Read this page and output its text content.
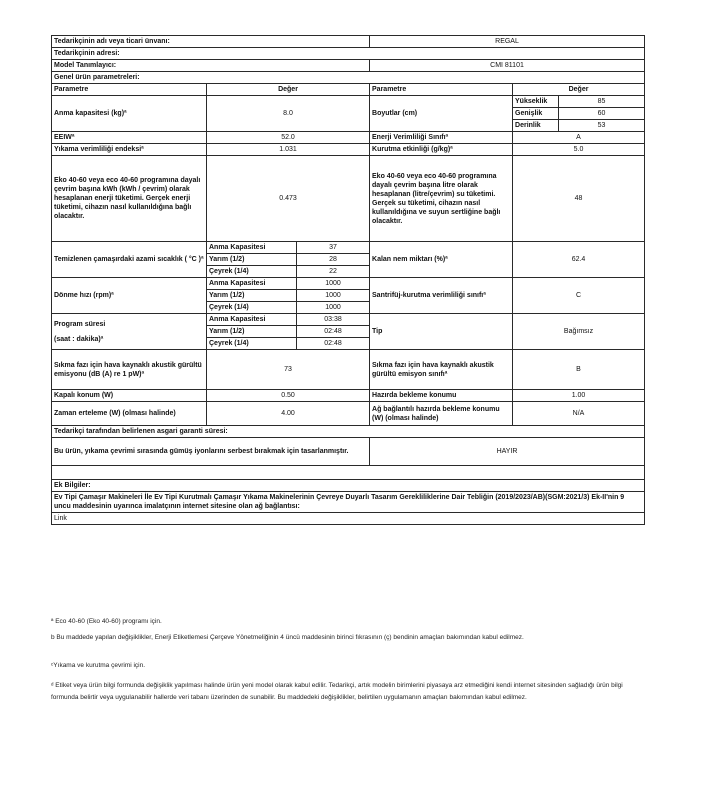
Tedarikçinin adı veya ticari ünvanı:			REGAL		
Tedarikçinin adresi:					
Model Tanımlayıcı:			CMI 81101		
Genel ürün parametreleri:					
Parametre	Değer		Parametre	Değer	
Anma kapasitesi (kg)ª	8.0		Boyutlar (cm)	Yükseklik	85
				Genişlik	60
				Derinlik	53
EEIWª	52.0		Enerji Verimliliği Sınıfıª	A	
Yıkama verimliliği endeksiª	1.031		Kurutma etkinliği (g/kg)ª	5.0	
Eko 40-60 veya eco 40-60 programına dayalı çevrim başına kWh (kWh / çevrim) olarak hesaplanan enerji tüketimi. Gerçek enerji tüketimi, cihazın nasıl kullanıldığına bağlı olacaktır.	0.473		Eko 40-60 veya eco 40-60 programına dayalı çevrim başına litre olarak hesaplanan (litre/çevrim) su tüketimi. Gerçek su tüketimi, cihazın nasıl kullanıldığına ve suyun sertliğine bağlı olacaktır.	48	
Temizlenen çamaşırdaki azami sıcaklık ( °C )ª	Anma Kapasitesi	37	Kalan nem miktarı (%)ª	62.4	
	Yarım (1/2)	28			
	Çeyrek (1/4)	22			
Dönme hızı (rpm)ª	Anma Kapasitesi	1000	Santrifüj-kurutma verimliliği sınıfıª	C	
	Yarım (1/2)	1000			
	Çeyrek (1/4)	1000			

Program süresi
(saat : dakika)ª	Anma Kapasitesi	03:38	Tip	Bağımsız	
	Yarım (1/2)	02:48			
	Çeyrek (1/4)	02:48			
Sıkma fazı için hava kaynaklı akustik gürültü emisyonu (dB (A) re 1 pW)ª	73		Sıkma fazı için hava kaynaklı akustik gürültü emisyon sınıfıª	B	
Kapalı konum (W)	0.50		Hazırda bekleme konumu	1.00	
Zaman erteleme (W) (olması halinde)	4.00		Ağ bağlantılı hazırda bekleme konumu (W) (olması halinde)	N/A	
Tedarikçi tarafından belirlenen asgari garanti süresi:					
Bu ürün, yıkama çevrimi sırasında gümüş iyonlarını serbest bırakmak için tasarlanmıştır.			HAYIR		

Ek Bilgiler:					
Ev Tipi Çamaşır Makineleri İle Ev Tipi Kurutmalı Çamaşır Yıkama Makinelerinin Çevreye Duyarlı Tasarım Gerekliliklerine Dair Tebliğin (2019/2023/AB)(SGM:2021/3) Ek-II'nin 9 uncu maddesinin uyarınca imalatçının internet sitesine olan ağ bağlantısı:					
Link					
ª Eco 40-60 (Eko 40-60) programı için.
b Bu maddede yapılan değişiklikler, Enerji Etiketlemesi Çerçeve Yönetmeliğinin 4 üncü maddesinin birinci fıkrasının (ç) bendinin amaçları bakımından kabul edilmez.
ᶜYıkama ve kurutma çevrimi için.
ᵈ Etiket veya ürün bilgi formunda değişiklik yapılması halinde ürün yeni model olarak kabul edilir. Tedarikçi, artık modelin birimlerini piyasaya arz etmediğini kendi internet sitesinden sağladığı ürün bilgi formunda belirtir veya uygulanabilir hallerde veri tabanı üzerinden de sunabilir. Bu maddedeki değişiklikler, belirtilen uygulamanın amaçları bakımından kabul edilmez.
